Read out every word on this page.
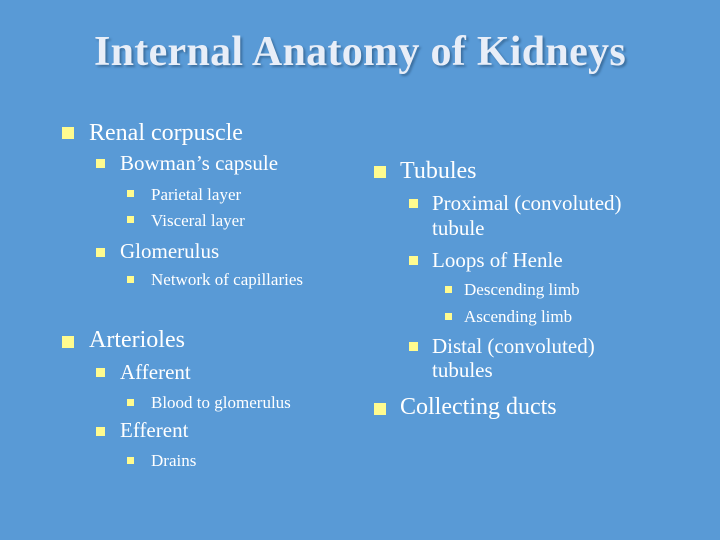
Internal Anatomy of Kidneys
Renal corpuscle
Bowman’s capsule
Parietal layer
Visceral layer
Glomerulus
Network of capillaries
Arterioles
Afferent
Blood to glomerulus
Efferent
Drains
Tubules
Proximal (convoluted)
tubule
Loops of Henle
Descending limb
Ascending limb
Distal (convoluted)
tubules
Collecting ducts
